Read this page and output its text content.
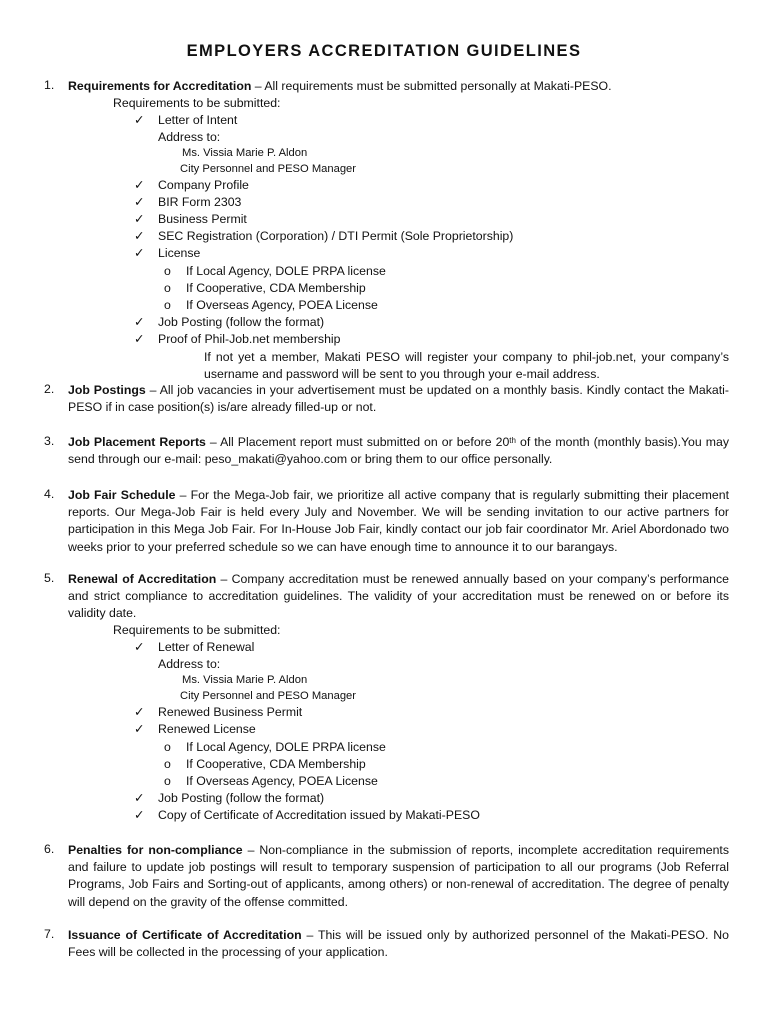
EMPLOYERS ACCREDITATION GUIDELINES
1. Requirements for Accreditation – All requirements must be submitted personally at Makati-PESO.
Requirements to be submitted:
✓ Letter of Intent
Address to:
Ms. Vissia Marie P. Aldon
City Personnel and PESO Manager
✓ Company Profile
✓ BIR Form 2303
✓ Business Permit
✓ SEC Registration (Corporation) / DTI Permit (Sole Proprietorship)
✓ License
o If Local Agency, DOLE PRPA license
o If Cooperative, CDA Membership
o If Overseas Agency, POEA License
✓ Job Posting (follow the format)
✓ Proof of Phil-Job.net membership
If not yet a member, Makati PESO will register your company to phil-job.net, your company’s username and password will be sent to you through your e-mail address.
2. Job Postings – All job vacancies in your advertisement must be updated on a monthly basis. Kindly contact the Makati-PESO if in case position(s) is/are already filled-up or not.
3. Job Placement Reports – All Placement report must submitted on or before 20th of the month (monthly basis).You may send through our e-mail: peso_makati@yahoo.com or bring them to our office personally.
4. Job Fair Schedule – For the Mega-Job fair, we prioritize all active company that is regularly submitting their placement reports. Our Mega-Job Fair is held every July and November. We will be sending invitation to our active partners for participation in this Mega Job Fair. For In-House Job Fair, kindly contact our job fair coordinator Mr. Ariel Abordonado two weeks prior to your preferred schedule so we can have enough time to announce it to our barangays.
5. Renewal of Accreditation – Company accreditation must be renewed annually based on your company’s performance and strict compliance to accreditation guidelines. The validity of your accreditation must be renewed on or before its validity date.
Requirements to be submitted:
✓ Letter of Renewal
Address to:
Ms. Vissia Marie P. Aldon
City Personnel and PESO Manager
✓ Renewed Business Permit
✓ Renewed License
o If Local Agency, DOLE PRPA license
o If Cooperative, CDA Membership
o If Overseas Agency, POEA License
✓ Job Posting (follow the format)
✓ Copy of Certificate of Accreditation issued by Makati-PESO
6. Penalties for non-compliance – Non-compliance in the submission of reports, incomplete accreditation requirements and failure to update job postings will result to temporary suspension of participation to all our programs (Job Referral Programs, Job Fairs and Sorting-out of applicants, among others) or non-renewal of accreditation. The degree of penalty will depend on the gravity of the offense committed.
7. Issuance of Certificate of Accreditation – This will be issued only by authorized personnel of the Makati-PESO. No Fees will be collected in the processing of your application.
